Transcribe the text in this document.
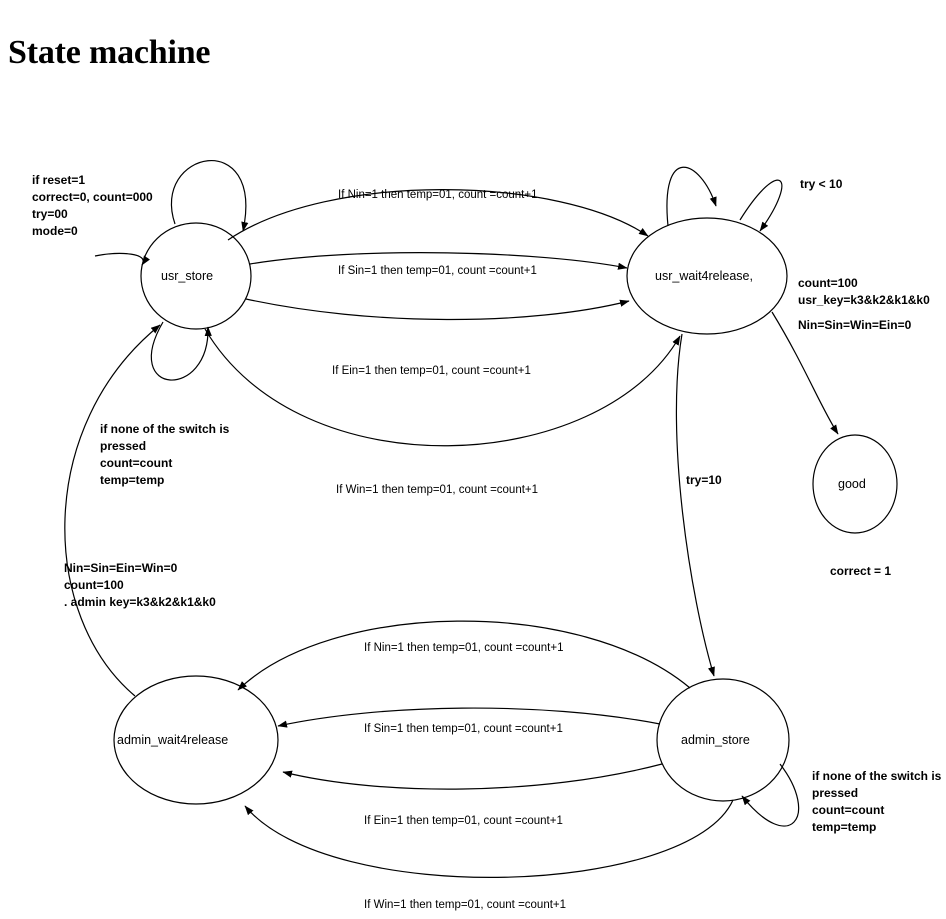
State machine
usr_store	usr_wait4release,
good
admin_wait4release	admin_store
If Nin=1 then temp=01, count =count+1
If Sin=1 then temp=01, count =count+1
If Ein=1 then temp=01, count =count+1
If Win=1 then temp=01, count =count+1
try < 10
try=10
If Nin=1 then temp=01, count =count+1
If Sin=1 then temp=01, count =count+1
If Ein=1 then temp=01, count =count+1
If Win=1 then temp=01, count =count+1
if reset=1
correct=0, count=000
try=00
mode=0
if none of the switch is
pressed
count=count
temp=temp
count=100
usr_key=k3&k2&k1&k0
Nin=Sin=Win=Ein=0
correct = 1
Nin=Sin=Ein=Win=0
count=100
. admin key=k3&k2&k1&k0
if none of the switch is
pressed
count=count
temp=temp
